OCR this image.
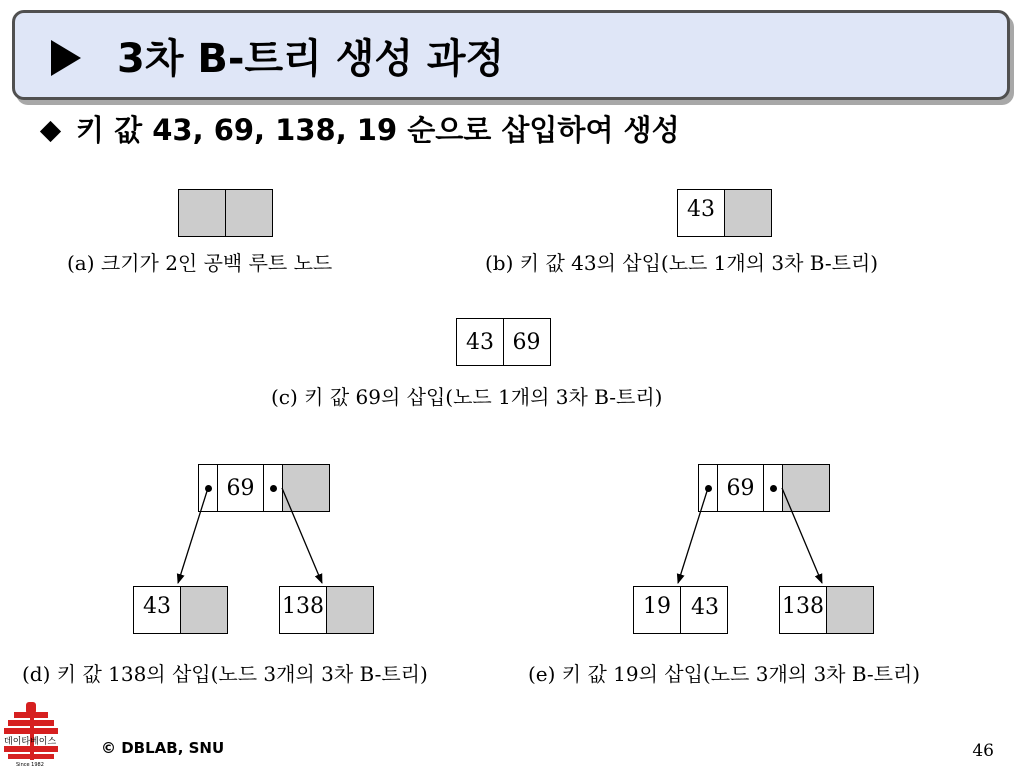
3차 B-트리 생성 과정
키 값 43, 69, 138, 19 순으로 삽입하여 생성
(a) 크기가 2인 공백 루트 노드
43
(b) 키 값 43의 삽입(노드 1개의 3차 B-트리)
43 69
(c) 키 값 69의 삽입(노드 1개의 3차 B-트리)
69
43	138
(d) 키 값 138의 삽입(노드 3개의 3차 B-트리)
69
19 43	138
(e) 키 값 19의 삽입(노드 3개의 3차 B-트리)
데이타베이스
Since 1982
© DBLAB, SNU	46
